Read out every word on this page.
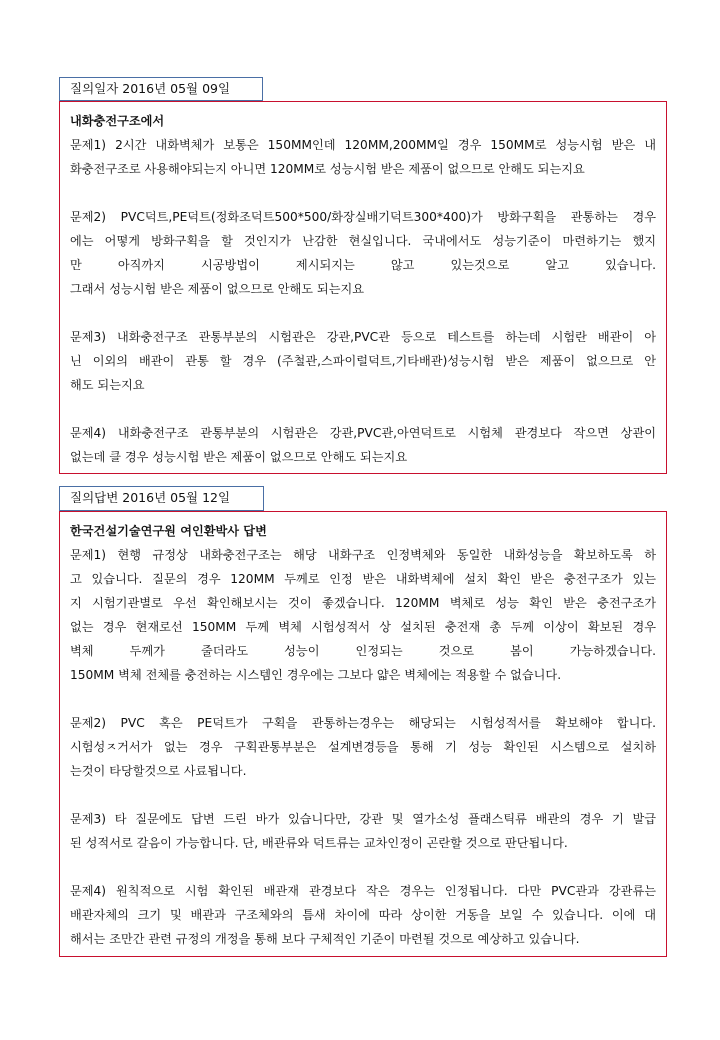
질의일자 2016년 05월 09일
내화충전구조에서
문제1) 2시간 내화벽체가 보통은 150MM인데 120MM,200MM일 경우 150MM로 성능시험 받은 내
화충전구조로 사용해야되는지 아니면 120MM로 성능시험 받은 제품이 없으므로 안해도 되는지요
문제2) PVC덕트,PE덕트(정화조덕트500*500/화장실배기덕트300*400)가 방화구획을 관통하는 경우
에는 어떻게 방화구획을 할 것인지가 난감한 현실입니다. 국내에서도 성능기준이 마련하기는 했지
만 아직까지 시공방법이 제시되지는 않고 있는것으로 알고 있습니다.
그래서 성능시험 받은 제품이 없으므로 안해도 되는지요
문제3) 내화충전구조 관통부분의 시험관은 강관,PVC관 등으로 테스트를 하는데 시험란 배관이 아
닌 이외의 배관이 관통 할 경우 (주철관,스파이럴덕트,기타배관)성능시험 받은 제품이 없으므로 안
해도 되는지요
문제4) 내화충전구조 관통부분의 시험관은 강관,PVC관,아연덕트로 시험체 관경보다 작으면 상관이
없는데 클 경우 성능시험 받은 제품이 없으므로 안해도 되는지요
질의답변 2016년 05월 12일
한국건설기술연구원 여인환박사 답변
문제1) 현행 규정상 내화충전구조는 해당 내화구조 인정벽체와 동일한 내화성능을 확보하도록 하
고 있습니다. 질문의 경우 120MM 두께로 인정 받은 내화벽체에 설치 확인 받은 충전구조가 있는
지 시험기관별로 우선 확인해보시는 것이 좋겠습니다. 120MM 벽체로 성능 확인 받은 충전구조가
없는 경우 현재로선 150MM 두께 벽체 시험성적서 상 설치된 충전재 총 두께 이상이 확보된 경우
벽체 두께가 줄더라도 성능이 인정되는 것으로 봄이 가능하겠습니다.
150MM 벽체 전체를 충전하는 시스템인 경우에는 그보다 얇은 벽체에는 적용할 수 없습니다.
문제2) PVC 혹은 PE덕트가 구획을 관통하는경우는 해당되는 시험성적서를 확보해야 합니다.
시험성ㅈ거서가 없는 경우 구획관통부분은 설계변경등을 통해 기 성능 확인된 시스템으로 설치하
는것이 타당할것으로 사료됩니다.
문제3) 타 질문에도 답변 드린 바가 있습니다만, 강관 및 열가소성 플래스틱류 배관의 경우 기 발급
된 성적서로 갈음이 가능합니다. 단, 배관류와 덕트류는 교차인정이 곤란할 것으로 판단됩니다.
문제4) 원칙적으로 시험 확인된 배관재 관경보다 작은 경우는 인정됩니다. 다만 PVC관과 강관류는
배관자체의 크기 및 배관과 구조체와의 틈새 차이에 따라 상이한 거동을 보일 수 있습니다. 이에 대
해서는 조만간 관련 규정의 개정을 통해 보다 구체적인 기준이 마련될 것으로 예상하고 있습니다.
